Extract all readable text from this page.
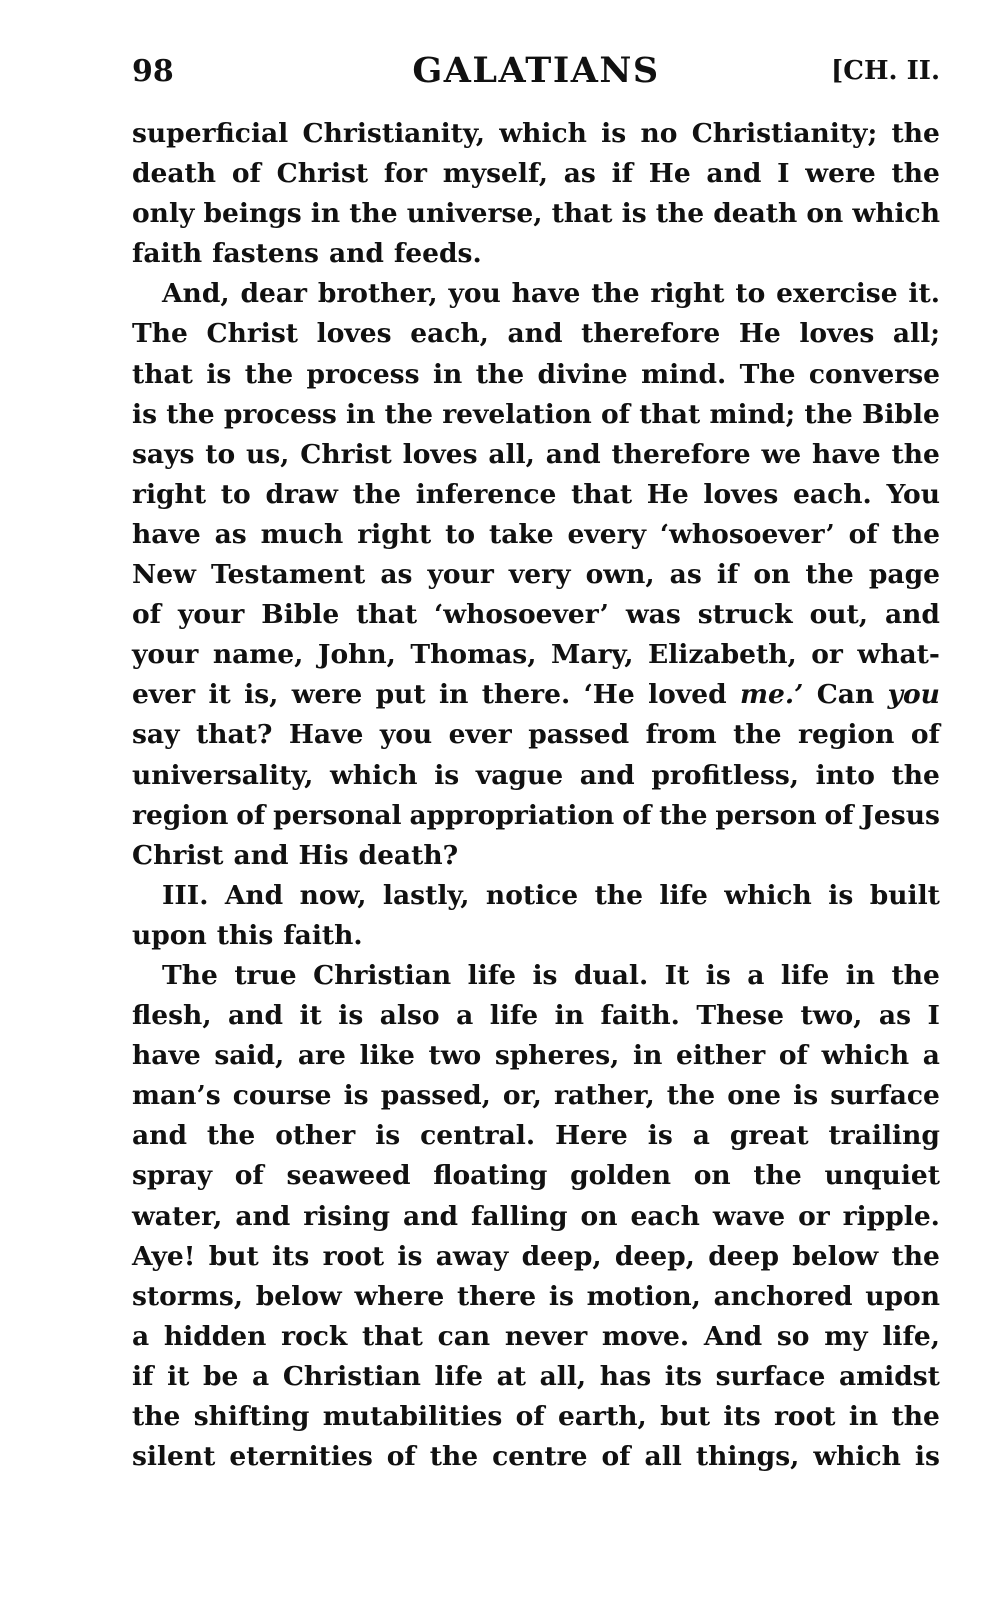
98	GALATIANS	[CH. II.
superficial Christianity, which is no Christianity; the
death of Christ for myself, as if He and I were the
only beings in the universe, that is the death on which
faith fastens and feeds.
And, dear brother, you have the right to exercise it.
The Christ loves each, and therefore He loves all;
that is the process in the divine mind. The converse
is the process in the revelation of that mind; the Bible
says to us, Christ loves all, and therefore we have the
right to draw the inference that He loves each. You
have as much right to take every ‘whosoever’ of the
New Testament as your very own, as if on the page
of your Bible that ‘whosoever’ was struck out, and
your name, John, Thomas, Mary, Elizabeth, or what-
ever it is, were put in there. ‘He loved me.’ Can you
say that? Have you ever passed from the region of
universality, which is vague and profitless, into the
region of personal appropriation of the person of Jesus
Christ and His death?
III. And now, lastly, notice the life which is built
upon this faith.
The true Christian life is dual. It is a life in the
flesh, and it is also a life in faith. These two, as I
have said, are like two spheres, in either of which a
man’s course is passed, or, rather, the one is surface
and the other is central. Here is a great trailing
spray of seaweed floating golden on the unquiet
water, and rising and falling on each wave or ripple.
Aye! but its root is away deep, deep, deep below the
storms, below where there is motion, anchored upon
a hidden rock that can never move. And so my life,
if it be a Christian life at all, has its surface amidst
the shifting mutabilities of earth, but its root in the
silent eternities of the centre of all things, which is
